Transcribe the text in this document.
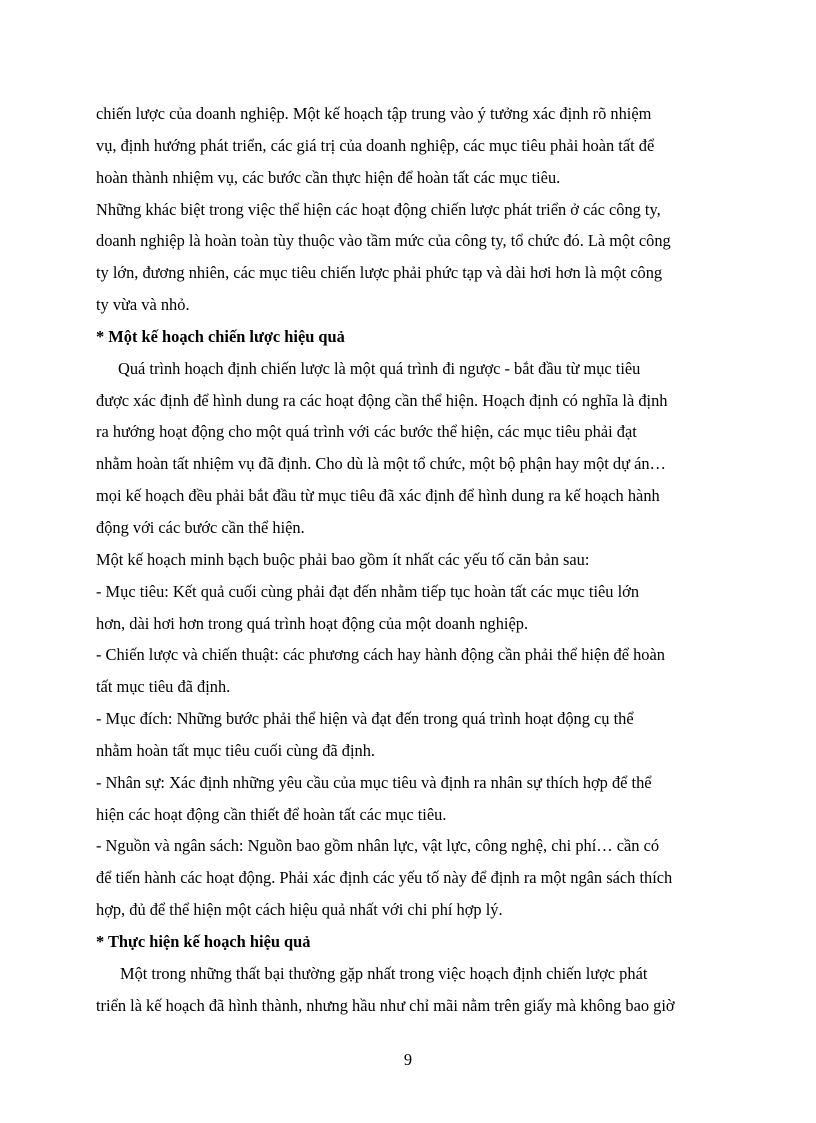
chiến lược của doanh nghiệp. Một kế hoạch tập trung vào ý tưởng xác định rõ nhiệm

vụ, định hướng phát triển, các giá trị của doanh nghiệp, các mục tiêu phải hoàn tất để

hoàn thành nhiệm vụ, các bước cần thực hiện để hoàn tất các mục tiêu.

Những khác biệt trong việc thể hiện các hoạt động chiến lược phát triển ở các công ty,

doanh nghiệp là hoàn toàn tùy thuộc vào tầm mức của công ty, tổ chức đó. Là một công

ty lớn, đương nhiên, các mục tiêu chiến lược phải phức tạp và dài hơi hơn là một công

ty vừa và nhỏ.

* Một kế hoạch chiến lược hiệu quả

Quá trình hoạch định chiến lược là một quá trình đi ngược - bắt đầu từ mục tiêu

được xác định để hình dung ra các hoạt động cần thể hiện. Hoạch định có nghĩa là định

ra hướng hoạt động cho một quá trình với các bước thể hiện, các mục tiêu phải đạt

nhằm hoàn tất nhiệm vụ đã định. Cho dù là một tổ chức, một bộ phận hay một dự án…

mọi kế hoạch đều phải bắt đầu từ mục tiêu đã xác định để hình dung ra kế hoạch hành

động với các bước cần thể hiện.

Một kế hoạch minh bạch buộc phải bao gồm ít nhất các yếu tố căn bản sau:

- Mục tiêu: Kết quả cuối cùng phải đạt đến nhằm tiếp tục hoàn tất các mục tiêu lớn

hơn, dài hơi hơn trong quá trình hoạt động của một doanh nghiệp.

- Chiến lược và chiến thuật: các phương cách hay hành động cần phải thể hiện để hoàn

tất mục tiêu đã định.

- Mục đích: Những bước phải thể hiện và đạt đến trong quá trình hoạt động cụ thể

nhằm hoàn tất mục tiêu cuối cùng đã định.

- Nhân sự: Xác định những yêu cầu của mục tiêu và định ra nhân sự thích hợp để thể

hiện các hoạt động cần thiết để hoàn tất các mục tiêu.

- Nguồn và ngân sách: Nguồn bao gồm nhân lực, vật lực, công nghệ, chi phí… cần có

để tiến hành các hoạt động. Phải xác định các yếu tố này để định ra một ngân sách thích

hợp, đủ để thể hiện một cách hiệu quả nhất với chi phí hợp lý.

* Thực hiện kế hoạch hiệu quả

Một trong những thất bại thường gặp nhất trong việc hoạch định chiến lược phát

triển là kế hoạch đã hình thành, nhưng hầu như chỉ mãi nằm trên giấy mà không bao giờ

9
